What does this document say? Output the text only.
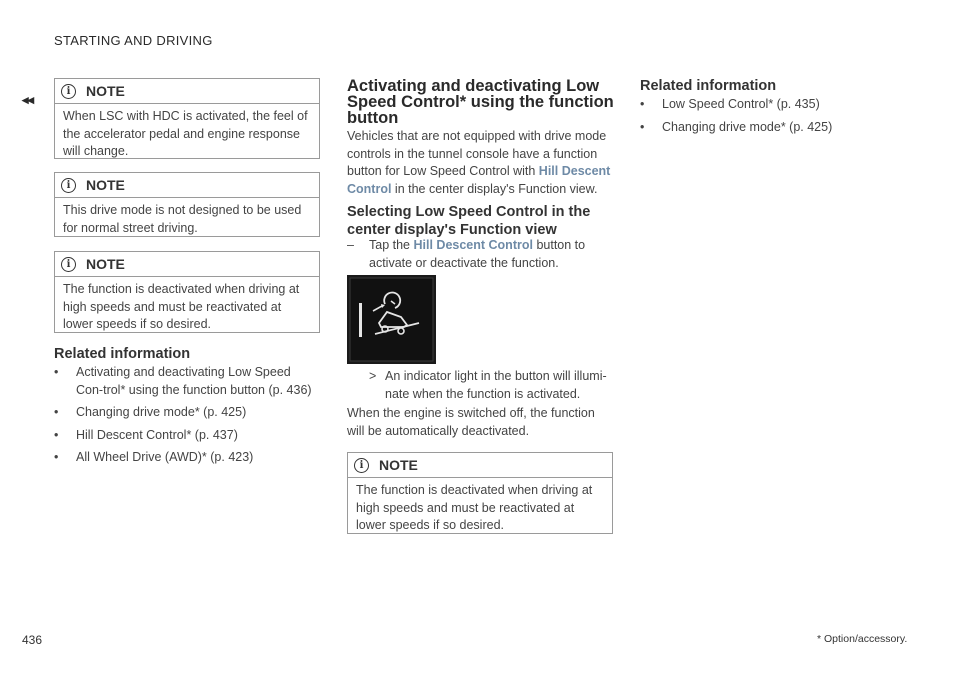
STARTING AND DRIVING
◂◂
i	NOTE
When LSC with HDC is activated, the feel of the accelerator pedal and engine response will change.
i	NOTE
This drive mode is not designed to be used for normal street driving.
i	NOTE
The function is deactivated when driving at high speeds and must be reactivated at lower speeds if so desired.
Related information
• Activating and deactivating Low Speed Con-trol* using the function button (p. 436)
• Changing drive mode* (p. 425)
• Hill Descent Control* (p. 437)
• All Wheel Drive (AWD)* (p. 423)
Activating and deactivating Low Speed Control* using the function button
Vehicles that are not equipped with drive mode controls in the tunnel console have a function button for Low Speed Control with Hill Descent Control in the center display's Function view.
Selecting Low Speed Control in the center display's Function view
–	Tap the Hill Descent Control button to activate or deactivate the function.
> An indicator light in the button will illumi-nate when the function is activated.
When the engine is switched off, the function will be automatically deactivated.
i	NOTE
The function is deactivated when driving at high speeds and must be reactivated at lower speeds if so desired.
Related information
• Low Speed Control* (p. 435)
• Changing drive mode* (p. 425)
436	* Option/accessory.
